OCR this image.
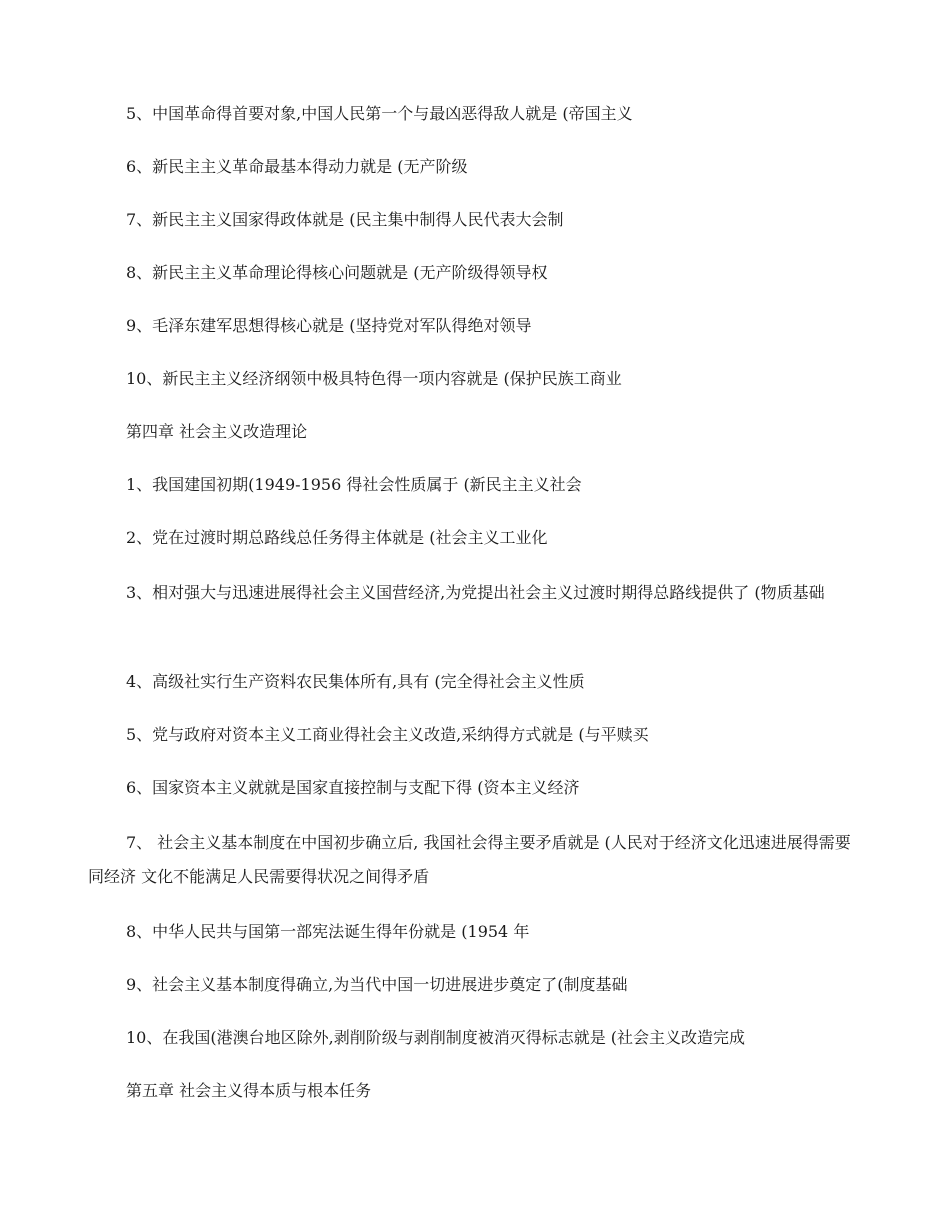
5、中国革命得首要对象,中国人民第一个与最凶恶得敌人就是 (帝国主义

6、新民主主义革命最基本得动力就是 (无产阶级

7、新民主主义国家得政体就是 (民主集中制得人民代表大会制

8、新民主主义革命理论得核心问题就是 (无产阶级得领导权

9、毛泽东建军思想得核心就是 (坚持党对军队得绝对领导

10、新民主主义经济纲领中极具特色得一项内容就是 (保护民族工商业

第四章 社会主义改造理论

1、我国建国初期(1949-1956 得社会性质属于 (新民主主义社会

2、党在过渡时期总路线总任务得主体就是 (社会主义工业化

3、相对强大与迅速进展得社会主义国营经济,为党提出社会主义过渡时期得总路线提供了 (物质基础

4、高级社实行生产资料农民集体所有,具有 (完全得社会主义性质

5、党与政府对资本主义工商业得社会主义改造,采纳得方式就是 (与平赎买

6、国家资本主义就就是国家直接控制与支配下得 (资本主义经济

7、 社会主义基本制度在中国初步确立后, 我国社会得主要矛盾就是 (人民对于经济文化迅速进展得需要同经济 文化不能满足人民需要得状况之间得矛盾

8、中华人民共与国第一部宪法诞生得年份就是 (1954 年

9、社会主义基本制度得确立,为当代中国一切进展进步奠定了(制度基础

10、在我国(港澳台地区除外,剥削阶级与剥削制度被消灭得标志就是 (社会主义改造完成

第五章 社会主义得本质与根本任务
